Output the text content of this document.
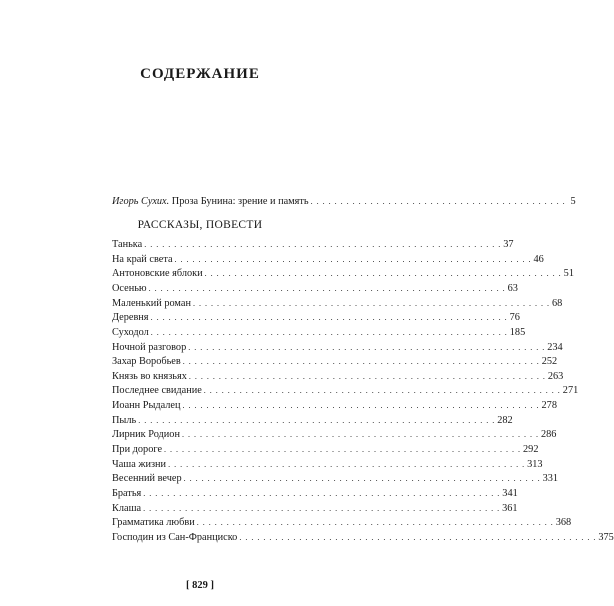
СОДЕРЖАНИЕ
Игорь Сухих. Проза Бунина: зрение и память . . . . . . . . . . . . . . . . . . . . . . . . . . . . . . . . . . . . . . . . . . . 5
РАССКАЗЫ, ПОВЕСТИ
Танька . . . . . . . . . . . . . . . . . . . . . . . . . . . . . . . . . . . . . . . . . . . . . . . . . . . . . . . . . . . . 37
На край света . . . . . . . . . . . . . . . . . . . . . . . . . . . . . . . . . . . . . . . . . . . . . . . . . . . . . . . . . . . . 46
Антоновские яблоки . . . . . . . . . . . . . . . . . . . . . . . . . . . . . . . . . . . . . . . . . . . . . . . . . . . . . . . . . . . . 51
Осенью . . . . . . . . . . . . . . . . . . . . . . . . . . . . . . . . . . . . . . . . . . . . . . . . . . . . . . . . . . . . 63
Маленький роман . . . . . . . . . . . . . . . . . . . . . . . . . . . . . . . . . . . . . . . . . . . . . . . . . . . . . . . . . . . . 68
Деревня . . . . . . . . . . . . . . . . . . . . . . . . . . . . . . . . . . . . . . . . . . . . . . . . . . . . . . . . . . . . 76
Суходол . . . . . . . . . . . . . . . . . . . . . . . . . . . . . . . . . . . . . . . . . . . . . . . . . . . . . . . . . . . . 185
Ночной разговор . . . . . . . . . . . . . . . . . . . . . . . . . . . . . . . . . . . . . . . . . . . . . . . . . . . . . . . . . . . . 234
Захар Воробьев . . . . . . . . . . . . . . . . . . . . . . . . . . . . . . . . . . . . . . . . . . . . . . . . . . . . . . . . . . . . 252
Князь во князьях . . . . . . . . . . . . . . . . . . . . . . . . . . . . . . . . . . . . . . . . . . . . . . . . . . . . . . . . . . . . 263
Последнее свидание . . . . . . . . . . . . . . . . . . . . . . . . . . . . . . . . . . . . . . . . . . . . . . . . . . . . . . . . . . . . 271
Иоанн Рыдалец . . . . . . . . . . . . . . . . . . . . . . . . . . . . . . . . . . . . . . . . . . . . . . . . . . . . . . . . . . . . 278
Пыль . . . . . . . . . . . . . . . . . . . . . . . . . . . . . . . . . . . . . . . . . . . . . . . . . . . . . . . . . . . . 282
Лирник Родион . . . . . . . . . . . . . . . . . . . . . . . . . . . . . . . . . . . . . . . . . . . . . . . . . . . . . . . . . . . . 286
При дороге . . . . . . . . . . . . . . . . . . . . . . . . . . . . . . . . . . . . . . . . . . . . . . . . . . . . . . . . . . . . 292
Чаша жизни . . . . . . . . . . . . . . . . . . . . . . . . . . . . . . . . . . . . . . . . . . . . . . . . . . . . . . . . . . . . 313
Весенний вечер . . . . . . . . . . . . . . . . . . . . . . . . . . . . . . . . . . . . . . . . . . . . . . . . . . . . . . . . . . . . 331
Братья . . . . . . . . . . . . . . . . . . . . . . . . . . . . . . . . . . . . . . . . . . . . . . . . . . . . . . . . . . . . 341
Клаша . . . . . . . . . . . . . . . . . . . . . . . . . . . . . . . . . . . . . . . . . . . . . . . . . . . . . . . . . . . . 361
Грамматика любви . . . . . . . . . . . . . . . . . . . . . . . . . . . . . . . . . . . . . . . . . . . . . . . . . . . . . . . . . . . . 368
Господин из Сан-Франциско . . . . . . . . . . . . . . . . . . . . . . . . . . . . . . . . . . . . . . . . . . . . . . . . . . . . . . . . . . . . 375
[ 829 ]
